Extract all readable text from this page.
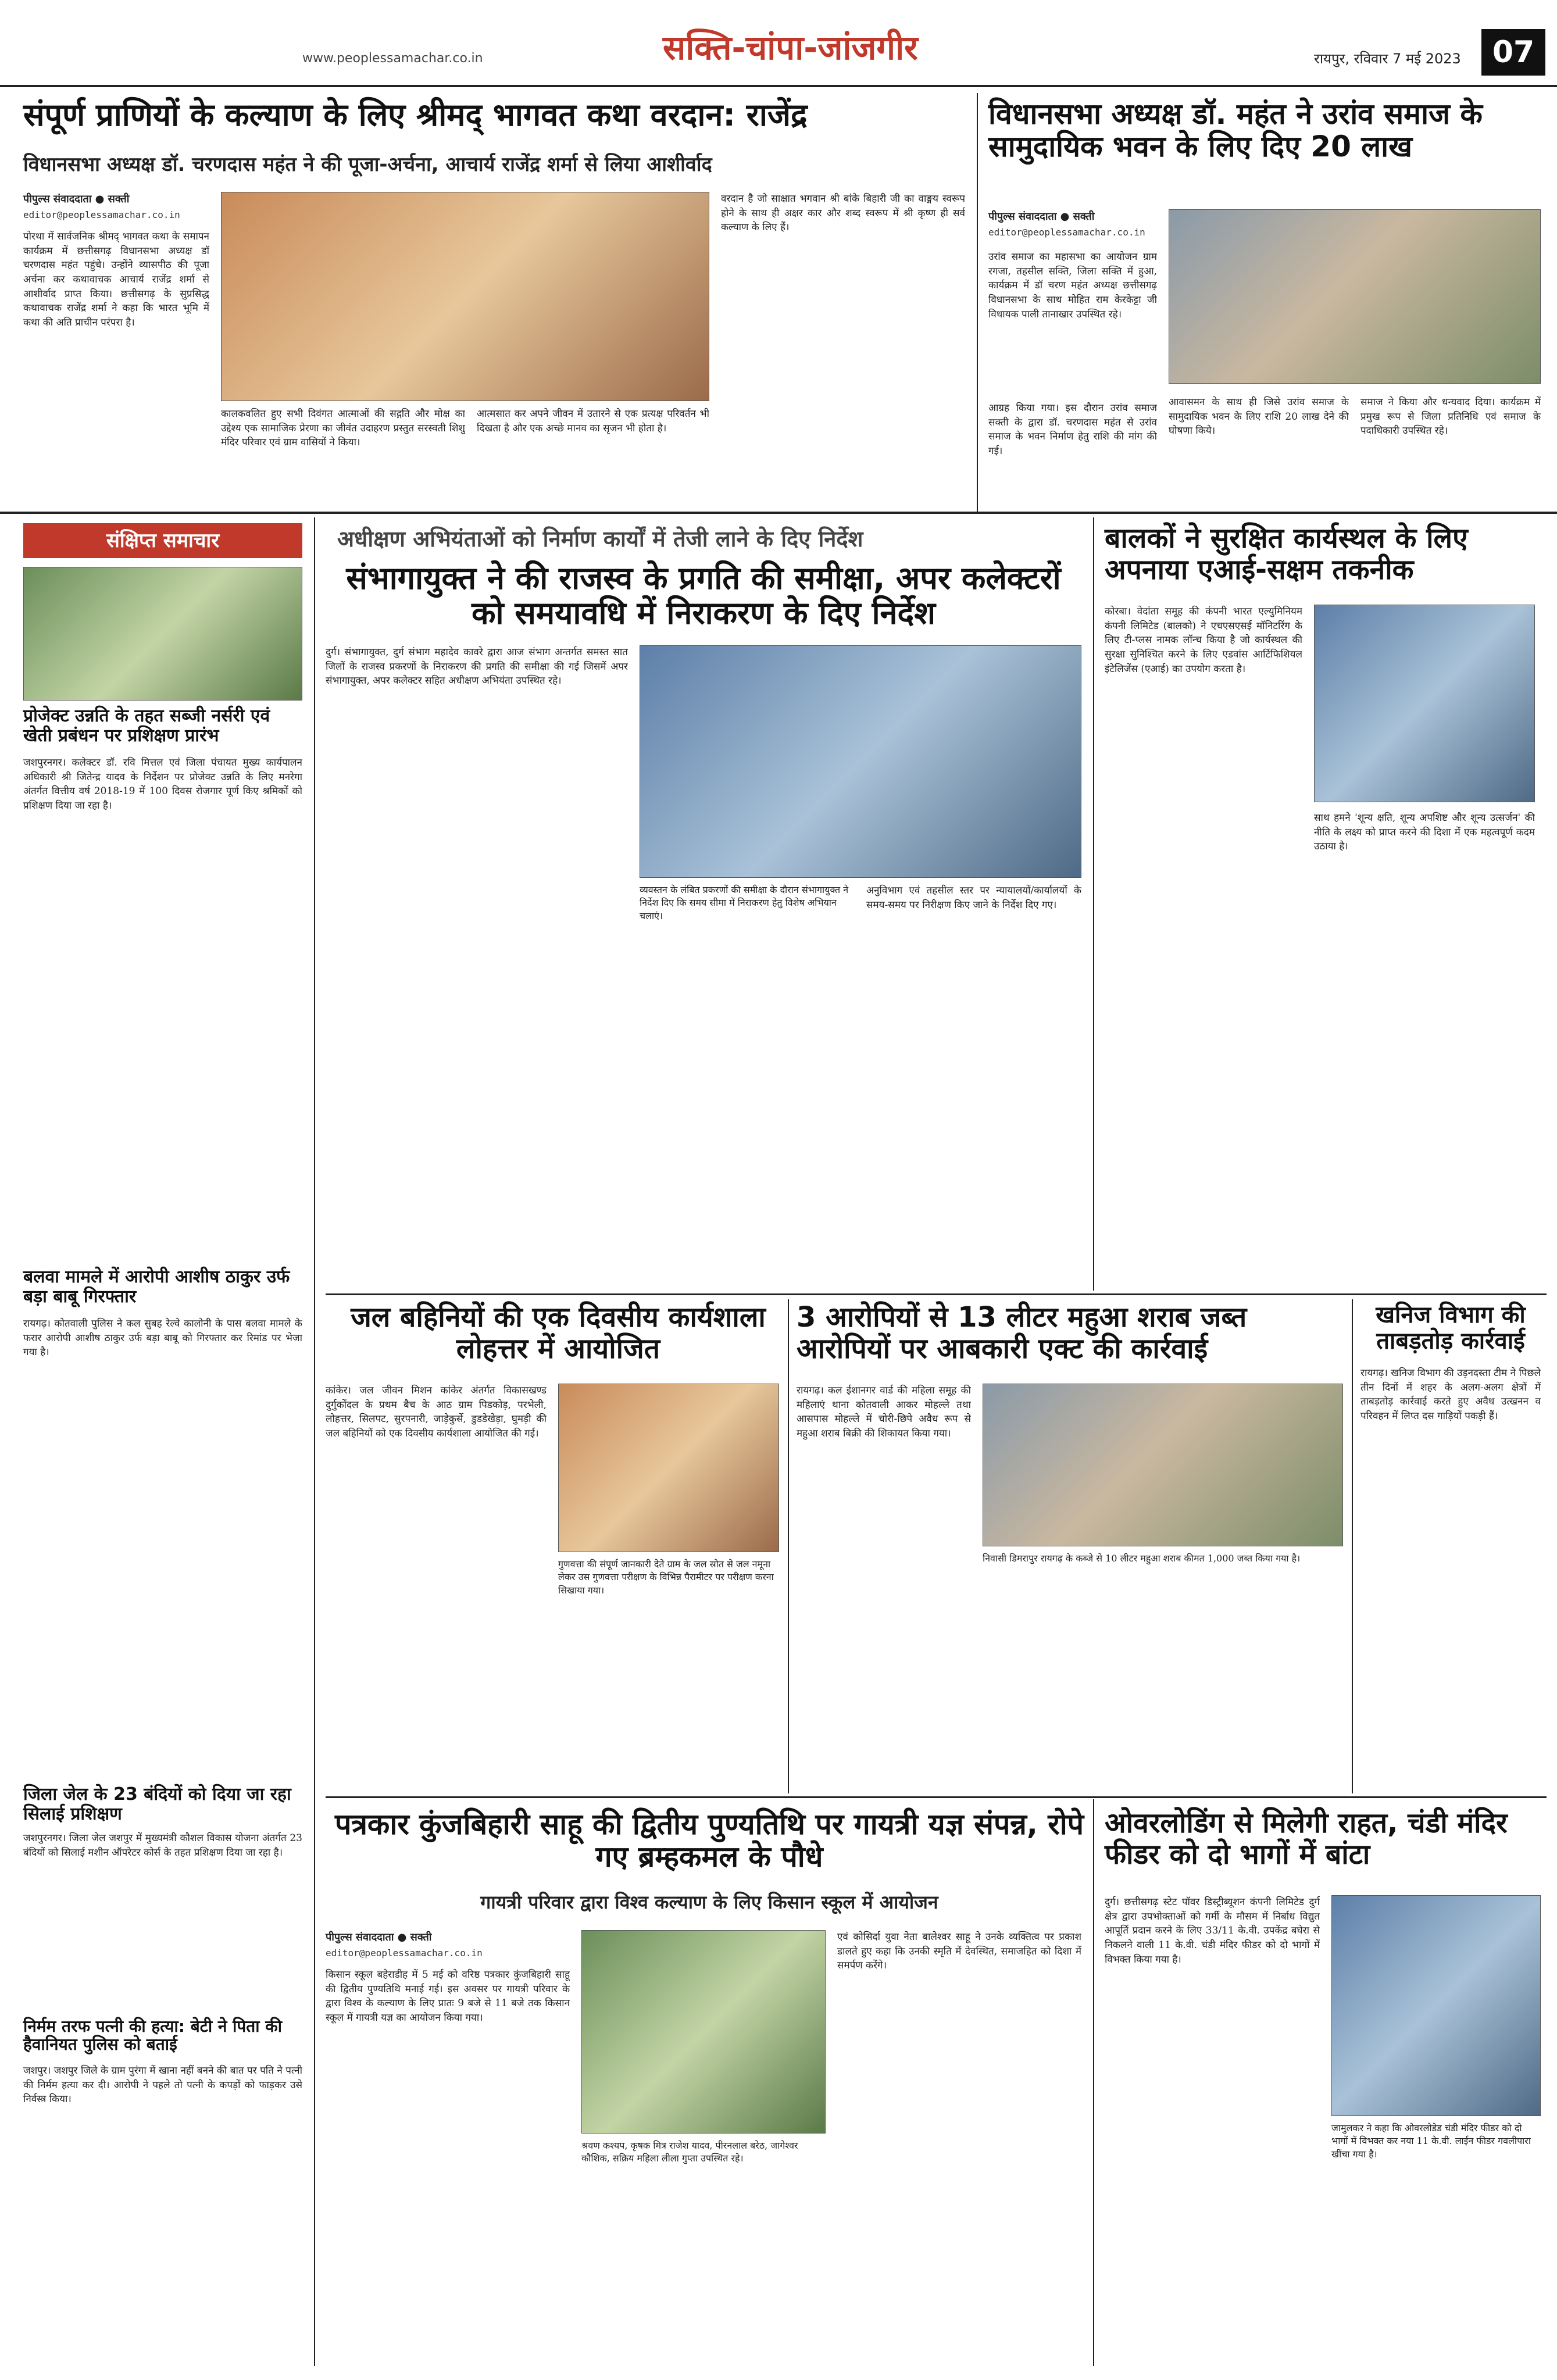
www.peoplessamachar.co.in	सक्ति-चांपा-जांजगीर	रायपुर, रविवार 7 मई 2023	07
संपूर्ण प्राणियों के कल्याण के लिए श्रीमद् भागवत कथा वरदान: राजेंद्र
विधानसभा अध्यक्ष डॉ. चरणदास महंत ने की पूजा-अर्चना, आचार्य राजेंद्र शर्मा से लिया आशीर्वाद
पीपुल्स संवाददाता ● सक्ती
editor@peoplessamachar.co.in
पोरथा में सार्वजनिक श्रीमद् भागवत कथा के समापन कार्यक्रम में छत्तीसगढ़ विधानसभा अध्यक्ष डॉ चरणदास महंत पहुंचे। उन्होंने व्यासपीठ की पूजा अर्चना कर कथावाचक आचार्य राजेंद्र शर्मा से आशीर्वाद प्राप्त किया। छत्तीसगढ़ के सुप्रसिद्ध कथावाचक राजेंद्र शर्मा ने कहा कि भारत भूमि में कथा की अति प्राचीन परंपरा है।
कालकवलित हुए सभी दिवंगत आत्माओं की सद्गति और मोक्ष का उद्देश्य एक सामाजिक प्रेरणा का जीवंत उदाहरण प्रस्तुत सरस्वती शिशु मंदिर परिवार एवं ग्राम वासियों ने किया।
आत्मसात कर अपने जीवन में उतारने से एक प्रत्यक्ष परिवर्तन भी दिखता है और एक अच्छे मानव का सृजन भी होता है।
वरदान है जो साक्षात भगवान श्री बांके बिहारी जी का वाङ्मय स्वरूप होने के साथ ही अक्षर कार और शब्द स्वरूप में श्री कृष्ण ही सर्व कल्याण के लिए हैं।
विधानसभा अध्यक्ष डॉ. महंत ने उरांव समाज के सामुदायिक भवन के लिए दिए 20 लाख
पीपुल्स संवाददाता ● सक्ती
editor@peoplessamachar.co.in
उरांव समाज का महासभा का आयोजन ग्राम रगजा, तहसील सक्ति, जिला सक्ति में हुआ, कार्यक्रम में डॉ चरण महंत अध्यक्ष छत्तीसगढ़ विधानसभा के साथ मोहित राम केरकेट्टा जी विधायक पाली तानाखार उपस्थित रहे।
आग्रह किया गया। इस दौरान उरांव समाज सक्ती के द्वारा डॉ. चरणदास महंत से उरांव समाज के भवन निर्माण हेतु राशि की मांग की गई।
आवासमन के साथ ही जिसे उरांव समाज के सामुदायिक भवन के लिए राशि 20 लाख देने की घोषणा किये।
समाज ने किया और धन्यवाद दिया। कार्यक्रम में प्रमुख रूप से जिला प्रतिनिधि एवं समाज के पदाधिकारी उपस्थित रहे।
संक्षिप्त समाचार
प्रोजेक्ट उन्नति के तहत सब्जी नर्सरी एवं खेती प्रबंधन पर प्रशिक्षण प्रारंभ
जशपुरनगर। कलेक्टर डॉ. रवि मित्तल एवं जिला पंचायत मुख्य कार्यपालन अधिकारी श्री जितेन्द्र यादव के निर्देशन पर प्रोजेक्ट उन्नति के लिए मनरेगा अंतर्गत वित्तीय वर्ष 2018-19 में 100 दिवस रोजगार पूर्ण किए श्रमिकों को प्रशिक्षण दिया जा रहा है।
बलवा मामले में आरोपी आशीष ठाकुर उर्फ बड़ा बाबू गिरफ्तार
रायगढ़। कोतवाली पुलिस ने कल सुबह रेल्वे कालोनी के पास बलवा मामले के फरार आरोपी आशीष ठाकुर उर्फ बड़ा बाबू को गिरफ्तार कर रिमांड पर भेजा गया है।
जिला जेल के 23 बंदियों को दिया जा रहा सिलाई प्रशिक्षण
जशपुरनगर। जिला जेल जशपुर में मुख्यमंत्री कौशल विकास योजना अंतर्गत 23 बंदियों को सिलाई मशीन ऑपरेटर कोर्स के तहत प्रशिक्षण दिया जा रहा है।
निर्मम तरफ पत्नी की हत्या: बेटी ने पिता की हैवानियत पुलिस को बताई
जशपुर। जशपुर जिले के ग्राम पुरंगा में खाना नहीं बनने की बात पर पति ने पत्नी की निर्मम हत्या कर दी। आरोपी ने पहले तो पत्नी के कपड़ों को फाड़कर उसे निर्वस्त्र किया।
अधीक्षण अभियंताओं को निर्माण कार्यों में तेजी लाने के दिए निर्देश
संभागायुक्त ने की राजस्व के प्रगति की समीक्षा, अपर कलेक्टरों को समयावधि में निराकरण के दिए निर्देश
दुर्ग। संभागायुक्त, दुर्ग संभाग महादेव कावरे द्वारा आज संभाग अन्तर्गत समस्त सात जिलों के राजस्व प्रकरणों के निराकरण की प्रगति की समीक्षा की गई जिसमें अपर संभागायुक्त, अपर कलेक्टर सहित अधीक्षण अभियंता उपस्थित रहे।
व्यवस्तन के लंबित प्रकरणों की समीक्षा के दौरान संभागायुक्त ने निर्देश दिए कि समय सीमा में निराकरण हेतु विशेष अभियान चलाएं।
अनुविभाग एवं तहसील स्तर पर न्यायालयों/कार्यालयों के समय-समय पर निरीक्षण किए जाने के निर्देश दिए गए।
बालकों ने सुरक्षित कार्यस्थल के लिए अपनाया एआई-सक्षम तकनीक
कोरबा। वेदांता समूह की कंपनी भारत एल्युमिनियम कंपनी लिमिटेड (बालको) ने एचएसएसई मॉनिटरिंग के लिए टी-प्लस नामक लॉन्च किया है जो कार्यस्थल की सुरक्षा सुनिश्चित करने के लिए एडवांस आर्टिफिशियल इंटेलिजेंस (एआई) का उपयोग करता है।
साथ हमने 'शून्य क्षति, शून्य अपशिष्ट और शून्य उत्सर्जन' की नीति के लक्ष्य को प्राप्त करने की दिशा में एक महत्वपूर्ण कदम उठाया है।
जल बहिनियों की एक दिवसीय कार्यशाला लोहत्तर में आयोजित
कांकेर। जल जीवन मिशन कांकेर अंतर्गत विकासखण्ड दुर्गुकोंदल के प्रथम बैच के आठ ग्राम पिडकोड़, परभेली, लोहत्तर, सिलपट, सुरपनारी, जाड़ेकुर्से, डुडडेखेड़ा, घुमड़ी की जल बहिनियों को एक दिवसीय कार्यशाला आयोजित की गई।
गुणवत्ता की संपूर्ण जानकारी देते ग्राम के जल स्रोत से जल नमूना लेकर उस गुणवत्ता परीक्षण के विभिन्न पैरामीटर पर परीक्षण करना सिखाया गया।
3 आरोपियों से 13 लीटर महुआ शराब जब्त आरोपियों पर आबकारी एक्ट की कार्रवाई
रायगढ़। कल ईशानगर वार्ड की महिला समूह की महिलाएं थाना कोतवाली आकर मोहल्ले तथा आसपास मोहल्ले में चोरी-छिपे अवैध रूप से महुआ शराब बिक्री की शिकायत किया गया।
निवासी डिमरापुर रायगढ़ के कब्जे से 10 लीटर महुआ शराब कीमत 1,000 जब्त किया गया है।
खनिज विभाग की ताबड़तोड़ कार्रवाई
रायगढ़। खनिज विभाग की उड़नदस्ता टीम ने पिछले तीन दिनों में शहर के अलग-अलग क्षेत्रों में ताबड़तोड़ कार्रवाई करते हुए अवैध उत्खनन व परिवहन में लिप्त दस गाड़ियों पकड़ी हैं।
पत्रकार कुंजबिहारी साहू की द्वितीय पुण्यतिथि पर गायत्री यज्ञ संपन्न, रोपे गए ब्रम्हकमल के पौधे
गायत्री परिवार द्वारा विश्व कल्याण के लिए किसान स्कूल में आयोजन
पीपुल्स संवाददाता ● सक्ती
editor@peoplessamachar.co.in
किसान स्कूल बहेराडीह में 5 मई को वरिष्ठ पत्रकार कुंजबिहारी साहू की द्वितीय पुण्यतिथि मनाई गई। इस अवसर पर गायत्री परिवार के द्वारा विश्व के कल्याण के लिए प्रातः 9 बजे से 11 बजे तक किसान स्कूल में गायत्री यज्ञ का आयोजन किया गया।
श्रवण कश्यप, कृषक मित्र राजेश यादव, पीरनलाल बरेठ, जागेश्वर कौशिक, सक्रिय महिला लीला गुप्ता उपस्थित रहे।
एवं कोसिर्दा युवा नेता बालेश्वर साहू ने उनके व्यक्तित्व पर प्रकाश डालते हुए कहा कि उनकी स्मृति में देवस्थित, समाजहित को दिशा में समर्पण करेंगे।
ओवरलोडिंग से मिलेगी राहत, चंडी मंदिर फीडर को दो भागों में बांटा
दुर्ग। छत्तीसगढ़ स्टेट पॉवर डिस्ट्रीब्यूशन कंपनी लिमिटेड दुर्ग क्षेत्र द्वारा उपभोक्ताओं को गर्मी के मौसम में निर्बाध विद्युत आपूर्ति प्रदान करने के लिए 33/11 के.वी. उपकेंद्र बघेरा से निकलने वाली 11 के.वी. चंडी मंदिर फीडर को दो भागों में विभक्त किया गया है।
जामुलकर ने कहा कि ओवरलोडेड चंडी मंदिर फीडर को दो भागों में विभक्त कर नया 11 के.वी. लाईन फीडर गवलीपारा खींचा गया है।
